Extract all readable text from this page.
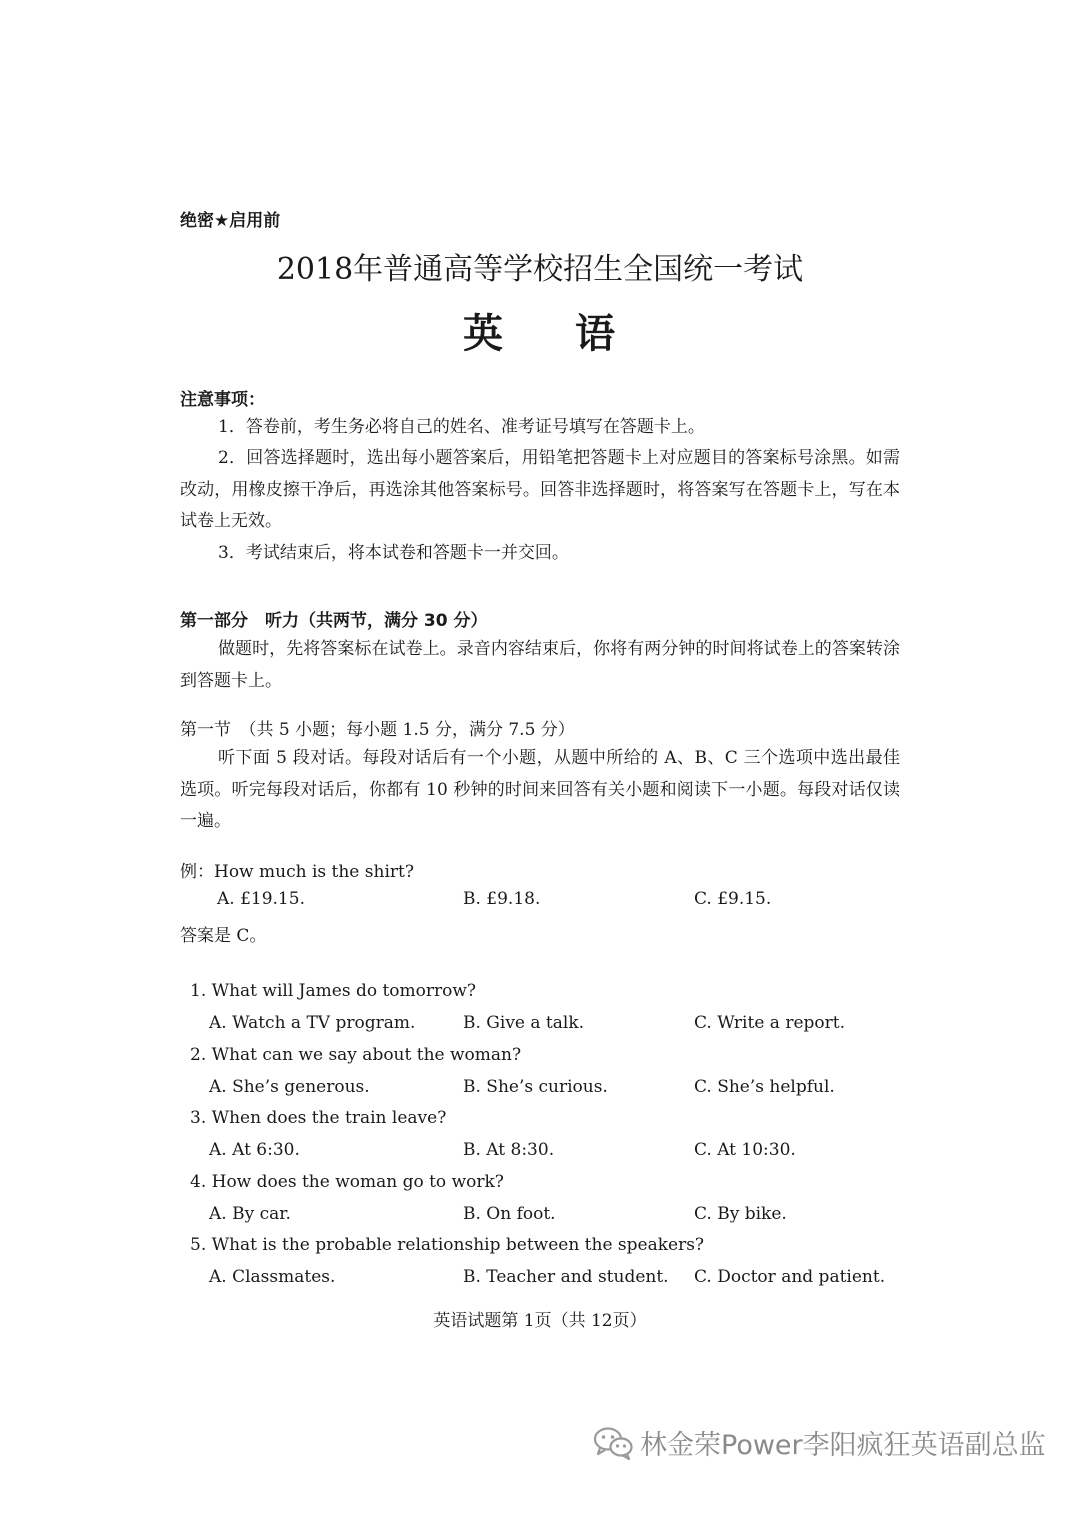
绝密★启用前
2018年普通高等学校招生全国统一考试
英 语
注意事项：
1．答卷前，考生务必将自己的姓名、准考证号填写在答题卡上。
2．回答选择题时，选出每小题答案后，用铅笔把答题卡上对应题目的答案标号涂黑。如需改动，用橡皮擦干净后，再选涂其他答案标号。回答非选择题时，将答案写在答题卡上，写在本试卷上无效。
3．考试结束后，将本试卷和答题卡一并交回。
第一部分　听力（共两节，满分 30 分）
做题时，先将答案标在试卷上。录音内容结束后，你将有两分钟的时间将试卷上的答案转涂到答题卡上。
第一节　（共 5 小题；每小题 1.5 分，满分 7.5 分）
听下面 5 段对话。每段对话后有一个小题，从题中所给的 A、B、C 三个选项中选出最佳选项。听完每段对话后，你都有 10 秒钟的时间来回答有关小题和阅读下一小题。每段对话仅读一遍。
例：How much is the shirt?
A. £19.15.	B. £9.18.	C. £9.15.
答案是 C。
1. What will James do tomorrow?
A. Watch a TV program.	B. Give a talk.	C. Write a report.
2. What can we say about the woman?
A. She’s generous.	B. She’s curious.	C. She’s helpful.
3. When does the train leave?
A. At 6:30.	B. At 8:30.	C. At 10:30.
4. How does the woman go to work?
A. By car.	B. On foot.	C. By bike.
5. What is the probable relationship between the speakers?
A. Classmates.	B. Teacher and student. C. Doctor and patient.
英语试题第 1页（共 12页）
林金荣Power李阳疯狂英语副总监
